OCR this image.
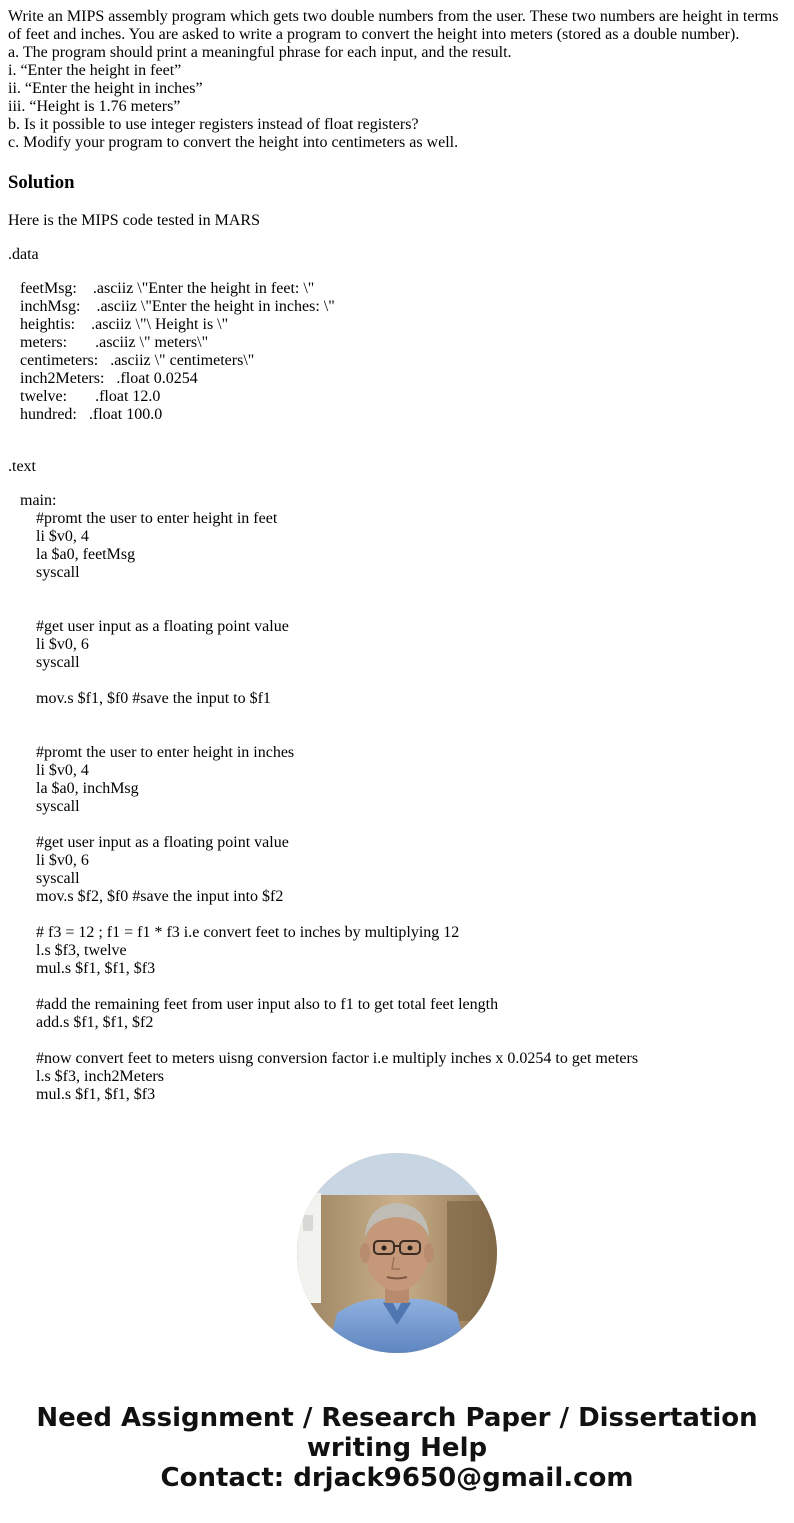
Write an MIPS assembly program which gets two double numbers from the user. These two numbers are height in terms of feet and inches. You are asked to write a program to convert the height into meters (stored as a double number).

a. The program should print a meaningful phrase for each input, and the result.

i. “Enter the height in feet”

ii. “Enter the height in inches”

iii. “Height is 1.76 meters”

b. Is it possible to use integer registers instead of float registers?

c. Modify your program to convert the height into centimeters as well.

Solution

Here is the MIPS code tested in MARS

.data

feetMsg:    .asciiz \"Enter the height in feet: \"

inchMsg:    .asciiz \"Enter the height in inches: \"

heightis:    .asciiz \"\ Height is \"

meters:       .asciiz \" meters\"

centimeters:   .asciiz \" centimeters\"

inch2Meters:   .float 0.0254

twelve:       .float 12.0

hundred:   .float 100.0

.text

main:

#promt the user to enter height in feet

li $v0, 4

la $a0, feetMsg

syscall

#get user input as a floating point value

li $v0, 6

syscall

mov.s $f1, $f0 #save the input to $f1

#promt the user to enter height in inches

li $v0, 4

la $a0, inchMsg

syscall

#get user input as a floating point value

li $v0, 6

syscall

mov.s $f2, $f0 #save the input into $f2

# f3 = 12 ; f1 = f1 * f3 i.e convert feet to inches by multiplying 12

l.s $f3, twelve

mul.s $f1, $f1, $f3

#add the remaining feet from user input also to f1 to get total feet length

add.s $f1, $f1, $f2

#now convert feet to meters uisng conversion factor i.e multiply inches x 0.0254 to get meters

l.s $f3, inch2Meters

mul.s $f1, $f1, $f3

Need Assignment / Research Paper / Dissertation
writing Help
Contact: drjack9650@gmail.com
